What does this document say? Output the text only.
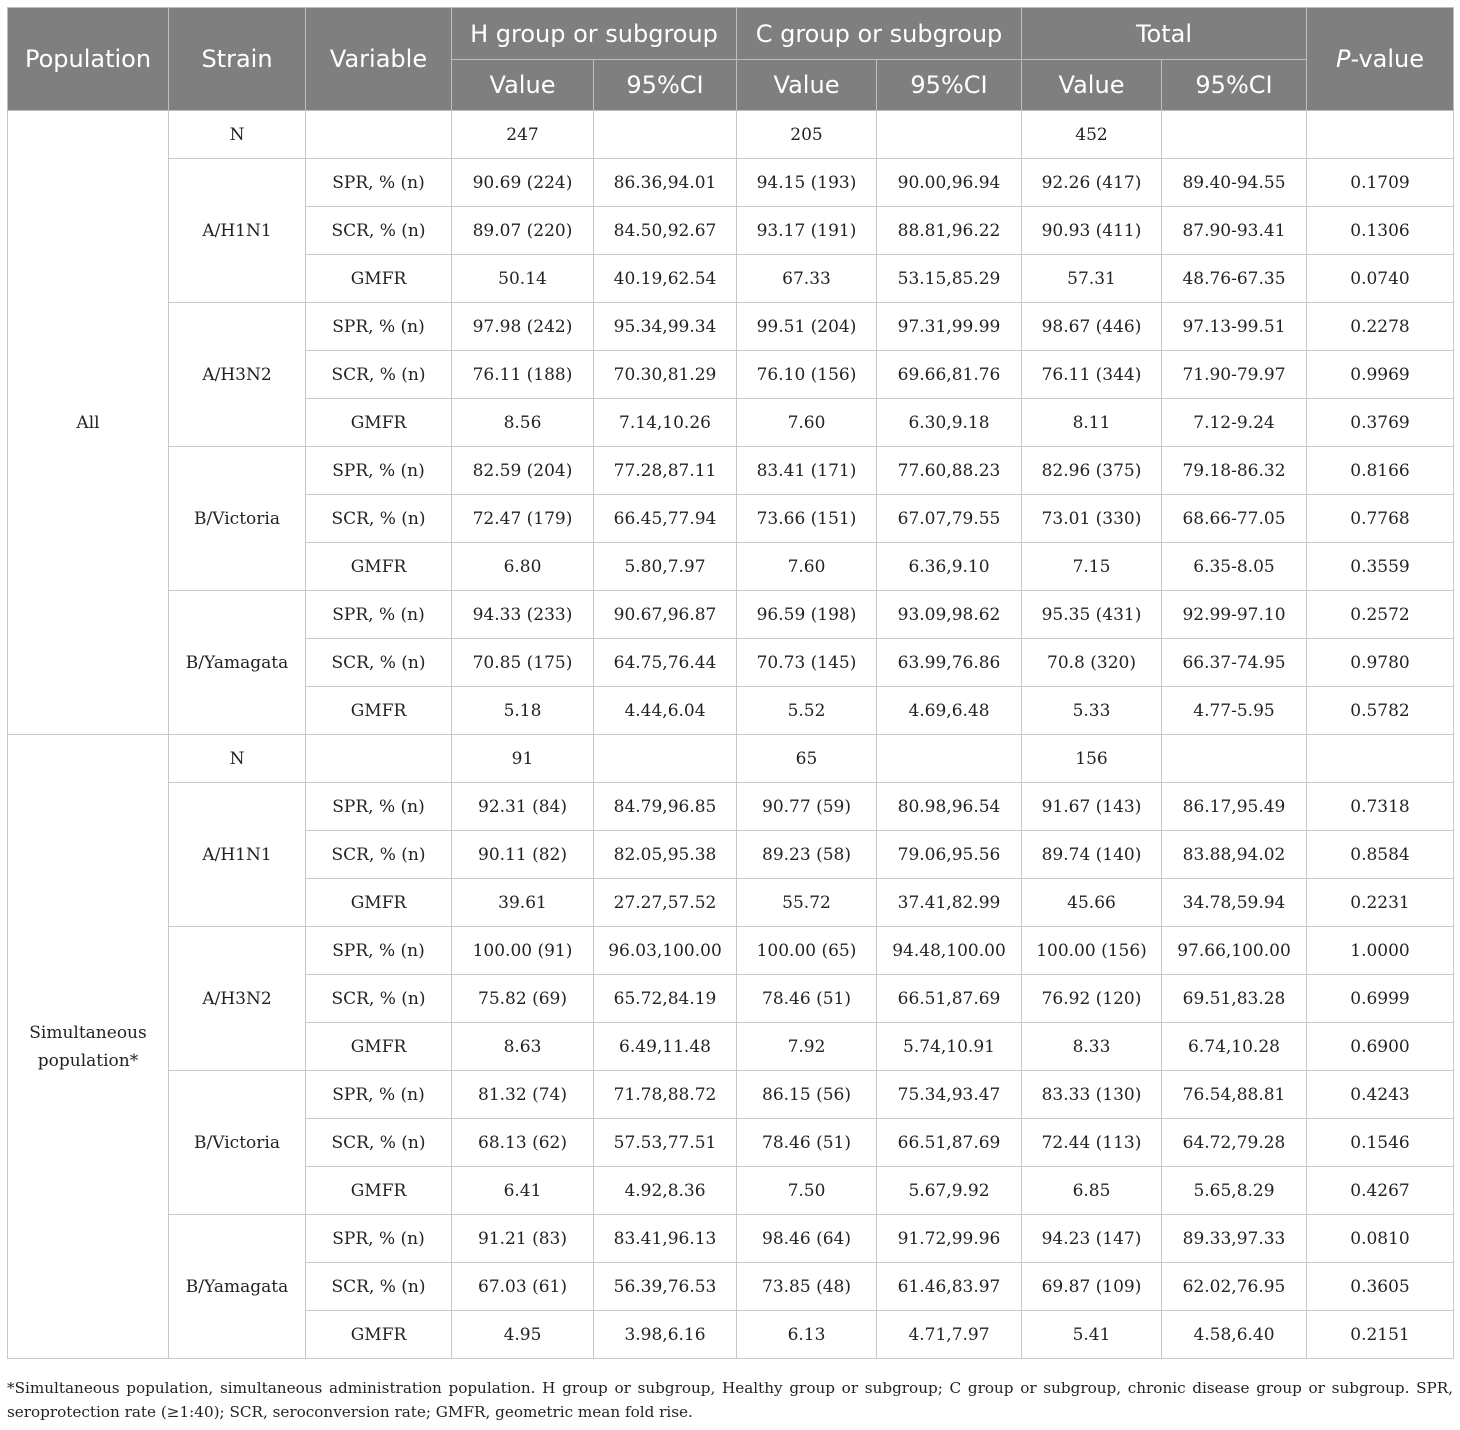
Population	Strain	Variable	H group or subgroup		C group or subgroup		Total		P-value
			Value	95%CI	Value	95%CI	Value	95%CI	
All	N		247		205		452		
	A/H1N1	SPR, % (n)	90.69 (224)	86.36,94.01	94.15 (193)	90.00,96.94	92.26 (417)	89.40-94.55	0.1709
		SCR, % (n)	89.07 (220)	84.50,92.67	93.17 (191)	88.81,96.22	90.93 (411)	87.90-93.41	0.1306
		GMFR	50.14	40.19,62.54	67.33	53.15,85.29	57.31	48.76-67.35	0.0740
	A/H3N2	SPR, % (n)	97.98 (242)	95.34,99.34	99.51 (204)	97.31,99.99	98.67 (446)	97.13-99.51	0.2278
		SCR, % (n)	76.11 (188)	70.30,81.29	76.10 (156)	69.66,81.76	76.11 (344)	71.90-79.97	0.9969
		GMFR	8.56	7.14,10.26	7.60	6.30,9.18	8.11	7.12-9.24	0.3769
	B/Victoria	SPR, % (n)	82.59 (204)	77.28,87.11	83.41 (171)	77.60,88.23	82.96 (375)	79.18-86.32	0.8166
		SCR, % (n)	72.47 (179)	66.45,77.94	73.66 (151)	67.07,79.55	73.01 (330)	68.66-77.05	0.7768
		GMFR	6.80	5.80,7.97	7.60	6.36,9.10	7.15	6.35-8.05	0.3559
	B/Yamagata	SPR, % (n)	94.33 (233)	90.67,96.87	96.59 (198)	93.09,98.62	95.35 (431)	92.99-97.10	0.2572
		SCR, % (n)	70.85 (175)	64.75,76.44	70.73 (145)	63.99,76.86	70.8 (320)	66.37-74.95	0.9780
		GMFR	5.18	4.44,6.04	5.52	4.69,6.48	5.33	4.77-5.95	0.5782
Simultaneous population*	N		91		65		156		
	A/H1N1	SPR, % (n)	92.31 (84)	84.79,96.85	90.77 (59)	80.98,96.54	91.67 (143)	86.17,95.49	0.7318
		SCR, % (n)	90.11 (82)	82.05,95.38	89.23 (58)	79.06,95.56	89.74 (140)	83.88,94.02	0.8584
		GMFR	39.61	27.27,57.52	55.72	37.41,82.99	45.66	34.78,59.94	0.2231
	A/H3N2	SPR, % (n)	100.00 (91)	96.03,100.00	100.00 (65)	94.48,100.00	100.00 (156)	97.66,100.00	1.0000
		SCR, % (n)	75.82 (69)	65.72,84.19	78.46 (51)	66.51,87.69	76.92 (120)	69.51,83.28	0.6999
		GMFR	8.63	6.49,11.48	7.92	5.74,10.91	8.33	6.74,10.28	0.6900
	B/Victoria	SPR, % (n)	81.32 (74)	71.78,88.72	86.15 (56)	75.34,93.47	83.33 (130)	76.54,88.81	0.4243
		SCR, % (n)	68.13 (62)	57.53,77.51	78.46 (51)	66.51,87.69	72.44 (113)	64.72,79.28	0.1546
		GMFR	6.41	4.92,8.36	7.50	5.67,9.92	6.85	5.65,8.29	0.4267
	B/Yamagata	SPR, % (n)	91.21 (83)	83.41,96.13	98.46 (64)	91.72,99.96	94.23 (147)	89.33,97.33	0.0810
		SCR, % (n)	67.03 (61)	56.39,76.53	73.85 (48)	61.46,83.97	69.87 (109)	62.02,76.95	0.3605
		GMFR	4.95	3.98,6.16	6.13	4.71,7.97	5.41	4.58,6.40	0.2151
*Simultaneous population, simultaneous administration population. H group or subgroup, Healthy group or subgroup; C group or subgroup, chronic disease group or subgroup. SPR, seroprotection rate (≥1:40); SCR, seroconversion rate; GMFR, geometric mean fold rise.
